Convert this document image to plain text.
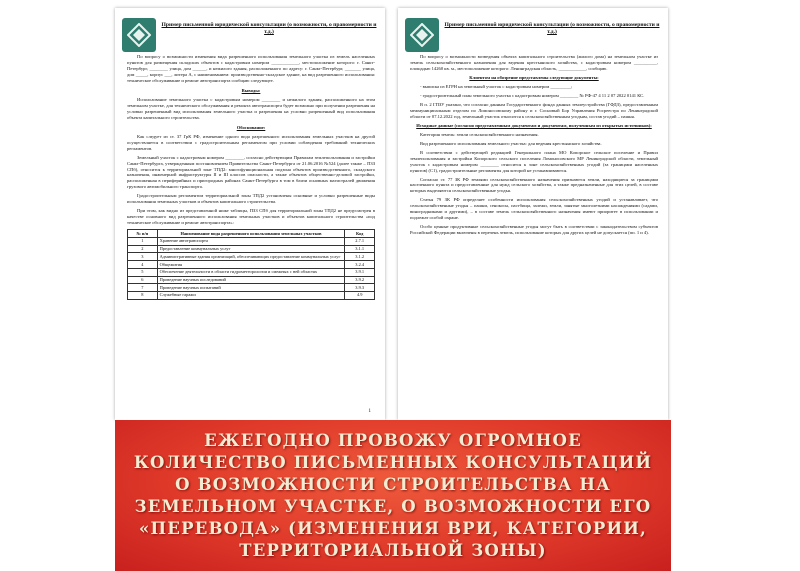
Пример письменной юридической консультации (о возможности, о правомерности и т.д.)

По вопросу о возможности изменения вида разрешенного использования земельного участка из земель населенных пунктов для размещения складских объектов с кадастровым номером ____________, местоположение которого: г. Санкт-Петербург, ________ улица, дом ______, и нежилого здания, расположенного по адресу: г. Санкт-Петербург, _______ улица, дом _____, корпус ___, литера А, с наименованием: производственно-складское здание, на вид разрешенного использования: техническое обслуживание и ремонт автотранспорта сообщаю следующее.

Выводы:

Использование земельного участка с кадастровым номером ________ и нежилого здания, расположенного на этом земельном участке, для технического обслуживания и ремонта автотранспорта будет возможно при получении разрешения на условно разрешенный вид использования земельного участка и разрешения на условно разрешенный вид использования объекта капитального строительства.

Обоснование:

Как следует из ст. 37 ГрК РФ, изменение одного вида разрешенного использования земельных участков на другой осуществляется в соответствии с градостроительным регламентом при условии соблюдения требований технических регламентов.

Земельный участок с кадастровым номером ________, согласно действующим Правилам землепользования и застройки Санкт-Петербурга, утвержденным постановлением Правительства Санкт-Петербурга от 21.06.2016 №524 (далее также – ПЗЗ СПб), относится к территориальной зоне ТПД2: многофункциональная подзона объектов производственного, складского назначения, инженерной инфраструктуры II и III классов опасности, а также объектов общественно-деловой застройки, расположенная в периферийных и пригородных районах Санкт-Петербурга в том в близи основных магистралей движения грузового автомобильного транспорта.

Градостроительным регламентом территориальной зоны ТПД2 установлены основные и условно разрешенные виды использования земельных участков и объектов капитального строительства.

При этом, как видно из представленной ниже таблицы, ПЗЗ СПб для территориальной зоны ТПД2 не предусмотрен в качестве основного вид разрешенного использования земельных участков и объектов капитального строительства «под техническое обслуживание и ремонт автотранспорта»:

№ п/п	Наименование вида разрешенного использования земельных участков	Код
1	Хранение автотранспорта	2.7.1
2	Предоставление коммунальных услуг	3.1.1
3	Административные здания организаций, обеспечивающих предоставление коммунальных услуг	3.1.2
4	Общежития	3.2.4
5	Обеспечение деятельности в области гидрометеорологии и смежных с ней областях	3.9.1
6	Проведение научных исследований	3.9.2
7	Проведение научных испытаний	3.9.3
8	Служебные гаражи	4.9
1
Пример письменной юридической консультации (о возможности, о правомерности и т.д.)

По вопросу о возможности возведения объекта капитального строительства (жилого дома) на земельном участке из земель сельскохозяйственного назначения для ведения крестьянского хозяйства, с кадастровым номером __________, площадью 14260 кв. м., местоположение которого: Ленинградская область, ____________, сообщаю.

Клиентом на обозрение представлены следующие документы:

- выписка из ЕГРН на земельный участок с кадастровым номером _________;

- градостроительный план земельного участка с кадастровым номером ________ № РФ-47 4 11 2 07 2022 0141 КС.

В п. 2 ГПЗУ указано, что согласно данным Государственного фонда данных землеустройства (ГФДЗ), предоставленным межмуниципальным отделом по Ломоносовскому району и г. Сосновый Бор Управления Росреестра по Ленинградской области от 07.12.2022 год, земельный участок относится к сельскохозяйственным угодьям, состав угодий – пашня.

Исходные данные (согласно представленным документам и документам, полученным из открытых источников):

Категория земель: земли сельскохозяйственного назначения.

Вид разрешенного использования земельного участка: для ведения крестьянского хозяйства.

В соответствии с действующей редакцией Генерального плана МО Копорское сельское поселение и Правил землепользования и застройки Копорского сельского поселения Ломоносовского МР Ленинградской области, земельный участок с кадастровым номером ________ относится к зоне сельскохозяйственных угодий (за границами населенных пунктов) (С1), градостроительные регламенты для которой не устанавливаются.

Согласно ст. 77 ЗК РФ землями сельскохозяйственного назначения признаются земли, находящиеся за границами населенного пункта и предоставленные для нужд сельского хозяйства, а также предназначенные для этих целей, в составе которых выделяются сельскохозяйственные угодья.

Статья 79 ЗК РФ определяет особенности использования сельскохозяйственных угодий и устанавливает, что сельскохозяйственные угодья – пашни, сенокосы, пастбища, залежи, земли, занятые многолетними насаждениями (садами, виноградниками и другими), – в составе земель сельскохозяйственного назначения имеют приоритет в использовании и подлежат особой охране.

Особо ценные продуктивные сельскохозяйственные угодья могут быть в соответствии с законодательством субъектов Российской Федерации включены в перечень земель, использование которых для других целей не допускается (пп. 1 и 4).

ЕЖЕГОДНО ПРОВОЖУ ОГРОМНОЕ КОЛИЧЕСТВО ПИСЬМЕННЫХ КОНСУЛЬТАЦИЙ О ВОЗМОЖНОСТИ СТРОИТЕЛЬСТВА НА ЗЕМЕЛЬНОМ УЧАСТКЕ, О ВОЗМОЖНОСТИ ЕГО «ПЕРЕВОДА» (ИЗМЕНЕНИЯ ВРИ, КАТЕГОРИИ, ТЕРРИТОРИАЛЬНОЙ ЗОНЫ)
